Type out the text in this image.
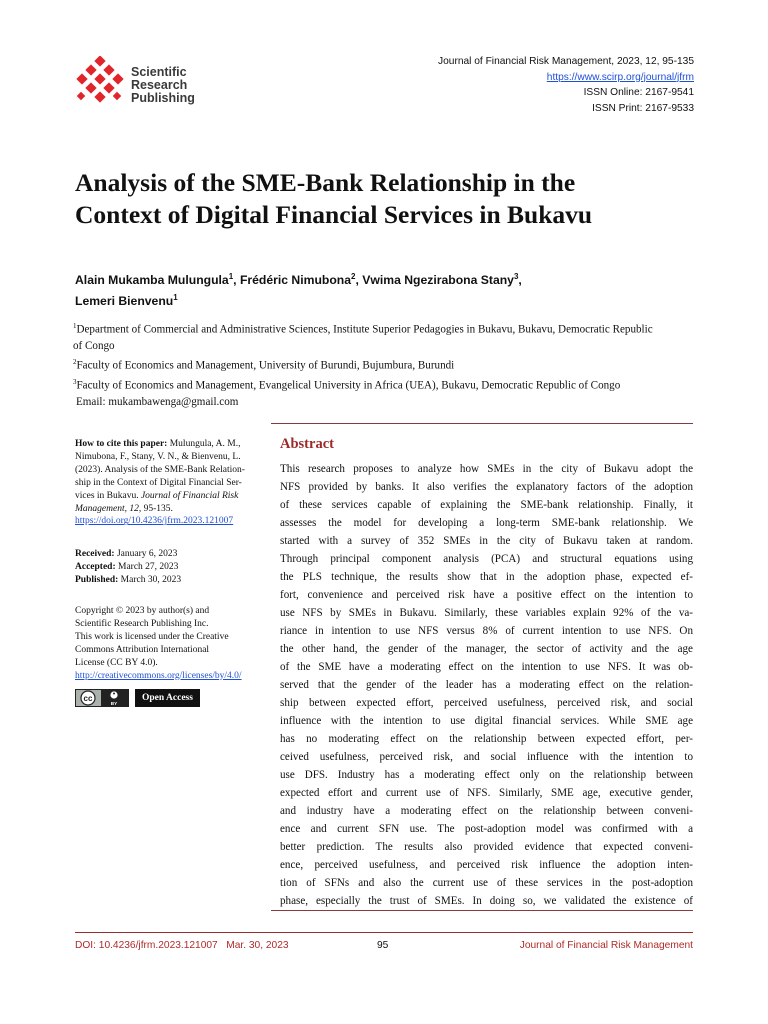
Scientific
Research
Publishing
Journal of Financial Risk Management, 2023, 12, 95-135
https://www.scirp.org/journal/jfrm
ISSN Online: 2167-9541
ISSN Print: 2167-9533
Analysis of the SME-Bank Relationship in the
Context of Digital Financial Services in Bukavu
Alain Mukamba Mulungula$^1$, Frédéric Nimubona$^2$, Vwima Ngezirabona Stany$^3$,
Lemeri Bienvenu$^1$

$^1$Department of Commercial and Administrative Sciences, Institute Superior Pedagogies in Bukavu, Bukavu, Democratic Republic

of Congo

$^2$Faculty of Economics and Management, University of Burundi, Bujumbura, Burundi

$^3$Faculty of Economics and Management, Evangelical University in Africa (UEA), Bukavu, Democratic Republic of Congo

Email: mukambawenga@gmail.com

Abstract
This research proposes to analyze how SMEs in the city of Bukavu adopt the
NFS provided by banks. It also verifies the explanatory factors of the adoption
of these services capable of explaining the SME-bank relationship. Finally, it
assesses the model for developing a long-term SME-bank relationship. We
started with a survey of 352 SMEs in the city of Bukavu taken at random.
Through principal component analysis (PCA) and structural equations using
the PLS technique, the results show that in the adoption phase, expected ef-
fort, convenience and perceived risk have a positive effect on the intention to
use NFS by SMEs in Bukavu. Similarly, these variables explain 92% of the va-
riance in intention to use NFS versus 8% of current intention to use NFS. On
the other hand, the gender of the manager, the sector of activity and the age
of the SME have a moderating effect on the intention to use NFS. It was ob-
served that the gender of the leader has a moderating effect on the relation-
ship between expected effort, perceived usefulness, perceived risk, and social
influence with the intention to use digital financial services. While SME age
has no moderating effect on the relationship between expected effort, per-
ceived usefulness, perceived risk, and social influence with the intention to
use DFS. Industry has a moderating effect only on the relationship between
expected effort and current use of NFS. Similarly, SME age, executive gender,
and industry have a moderating effect on the relationship between conveni-
ence and current SFN use. The post-adoption model was confirmed with a
better prediction. The results also provided evidence that expected conveni-
ence, perceived usefulness, and perceived risk influence the adoption inten-
tion of SFNs and also the current use of these services in the post-adoption
phase, especially the trust of SMEs. In doing so, we validated the existence of
How to cite this paper: Mulungula, A. M.,
Nimubona, F., Stany, V. N., & Bienvenu, L.
(2023). Analysis of the SME-Bank Relation-
ship in the Context of Digital Financial Ser-
vices in Bukavu. Journal of Financial Risk
Management, 12, 95-135.
https://doi.org/10.4236/jfrm.2023.121007
Received: January 6, 2023
Accepted: March 27, 2023
Published: March 30, 2023
Copyright © 2023 by author(s) and
Scientific Research Publishing Inc.
This work is licensed under the Creative
Commons Attribution International
License (CC BY 4.0).
http://creativecommons.org/licenses/by/4.0/
cc
BY
Open Access
DOI: 10.4236/jfrm.2023.121007 Mar. 30, 2023	95	Journal of Financial Risk Management
